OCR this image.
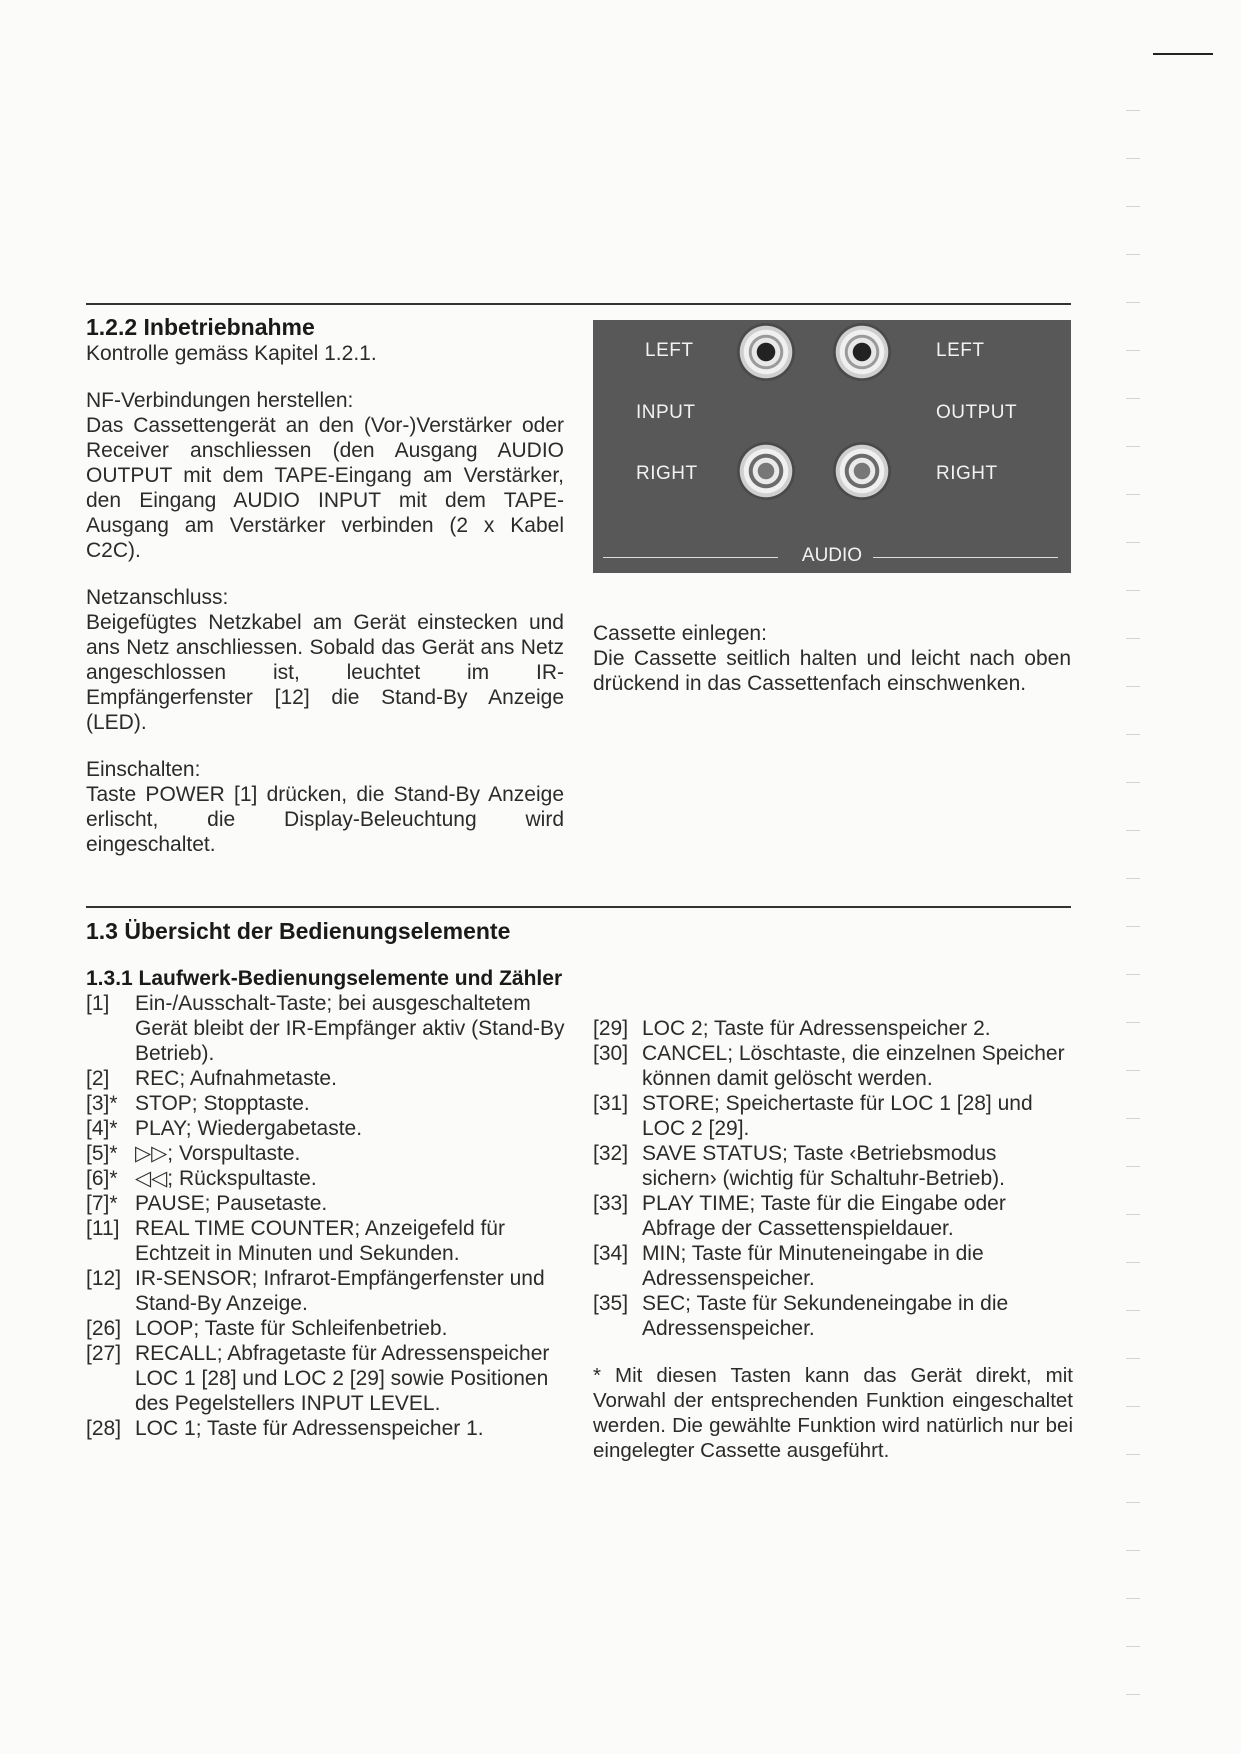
1.2.2 Inbetriebnahme

Kontrolle gemäss Kapitel 1.2.1.

NF-Verbindungen herstellen:

Das Cassettengerät an den (Vor-)Verstärker oder Receiver anschliessen (den Ausgang AUDIO OUTPUT mit dem TAPE-Eingang am Verstärker, den Eingang AUDIO INPUT mit dem TAPE-Ausgang am Verstärker verbinden (2 x Kabel C2C).

Netzanschluss:

Beigefügtes Netzkabel am Gerät einstecken und ans Netz anschliessen. Sobald das Gerät ans Netz angeschlossen ist, leuchtet im IR-Empfängerfenster [12] die Stand-By Anzeige (LED).

Einschalten:

Taste POWER [1] drücken, die Stand-By Anzeige erlischt, die Display-Beleuchtung wird eingeschaltet.

LEFT
INPUT
RIGHT
LEFT
OUTPUT
RIGHT
AUDIO

Cassette einlegen:

Die Cassette seitlich halten und leicht nach oben drückend in das Cassettenfach einschwenken.

1.3 Übersicht der Bedienungselemente
1.3.1 Laufwerk-Bedienungselemente und Zähler
[1]	Ein-/Ausschalt-Taste; bei ausgeschaltetem Gerät bleibt der IR-Empfänger aktiv (Stand-By Betrieb).
[2]	REC; Aufnahmetaste.
[3]* STOP; Stopptaste.
[4]* PLAY; Wiedergabetaste.
[5]* ▷▷; Vorspultaste.
[6]* ◁◁; Rückspultaste.
[7]* PAUSE; Pausetaste.
[11] REAL TIME COUNTER; Anzeigefeld für Echtzeit in Minuten und Sekunden.
[12] IR-SENSOR; Infrarot-Empfängerfenster und Stand-By Anzeige.
[26] LOOP; Taste für Schleifenbetrieb.
[27] RECALL; Abfragetaste für Adressenspeicher LOC 1 [28] und LOC 2 [29] sowie Positionen des Pegelstellers INPUT LEVEL.
[28] LOC 1; Taste für Adressenspeicher 1.
[29] LOC 2; Taste für Adressenspeicher 2.
[30] CANCEL; Löschtaste, die einzelnen Speicher können damit gelöscht werden.
[31] STORE; Speichertaste für LOC 1 [28] und LOC 2 [29].
[32] SAVE STATUS; Taste ‹Betriebsmodus sichern› (wichtig für Schaltuhr-Betrieb).
[33] PLAY TIME; Taste für die Eingabe oder Abfrage der Cassettenspieldauer.
[34] MIN; Taste für Minuteneingabe in die Adressenspeicher.
[35] SEC; Taste für Sekundeneingabe in die Adressenspeicher.

* Mit diesen Tasten kann das Gerät direkt, mit Vorwahl der entsprechenden Funktion eingeschaltet werden. Die gewählte Funktion wird natürlich nur bei eingelegter Cassette ausgeführt.
